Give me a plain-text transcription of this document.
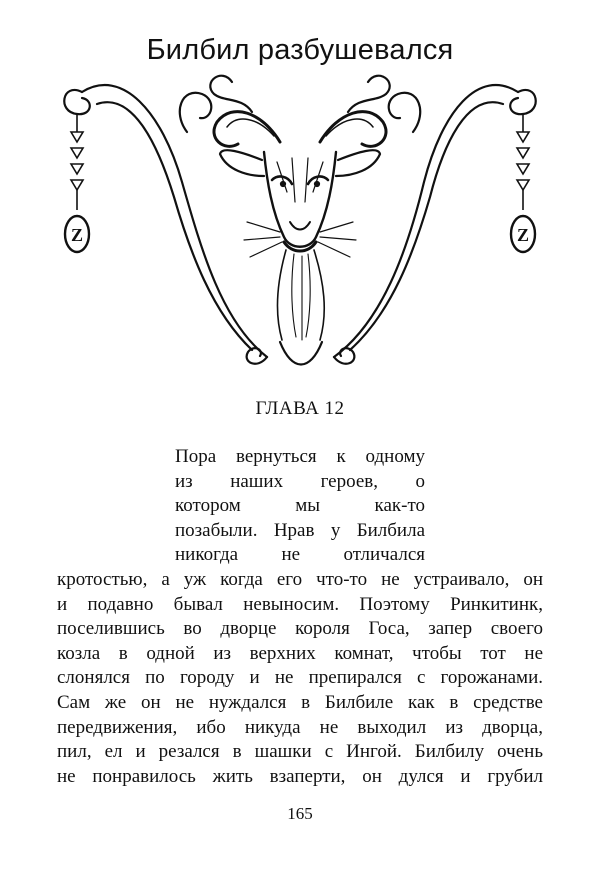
Билбил разбушевался
Z	Z
ГЛАВА 12
Пора вернуться к одному
из наших героев, о
котором мы как-то
позабыли. Нрав у Билбила
никогда не отличался
кротостью, а уж когда его что-то не устраивало, он
и подавно бывал невыносим. Поэтому Ринкитинк,
поселившись во дворце короля Госа, запер своего
козла в одной из верхних комнат, чтобы тот не
слонялся по городу и не препирался с горожанами.
Сам же он не нуждался в Билбиле как в средстве
передвижения, ибо никуда не выходил из дворца,
пил, ел и резался в шашки с Ингой. Билбилу очень
не понравилось жить взаперти, он дулся и грубил
165
